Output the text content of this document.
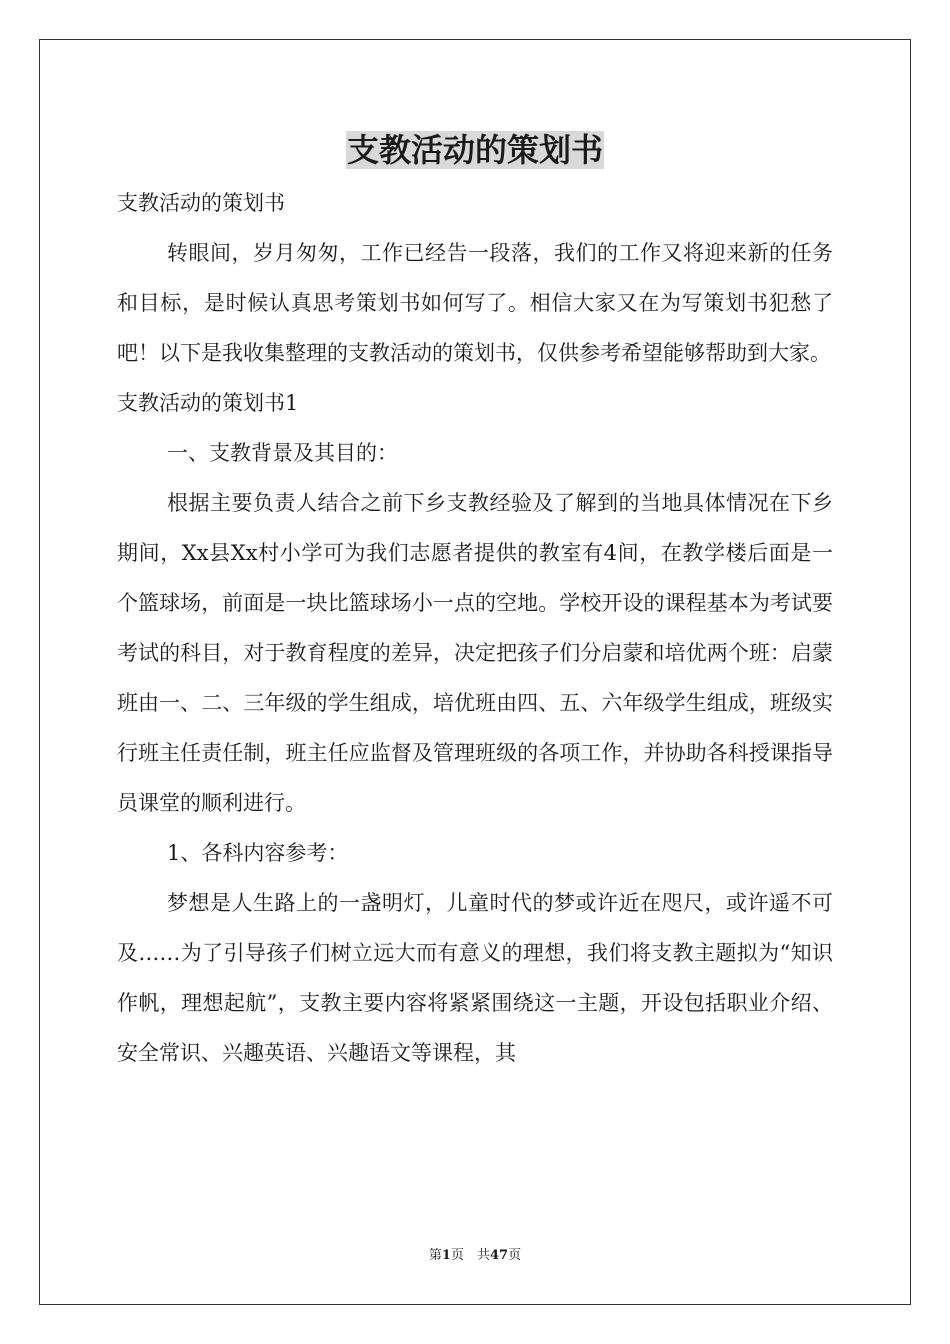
支教活动的策划书

支教活动的策划书

转眼间，岁月匆匆，工作已经告一段落，我们的工作又将迎来新的任务和目标，是时候认真思考策划书如何写了。相信大家又在为写策划书犯愁了吧！以下是我收集整理的支教活动的策划书，仅供参考希望能够帮助到大家。

支教活动的策划书1

一、支教背景及其目的：

根据主要负责人结合之前下乡支教经验及了解到的当地具体情况在下乡期间，Xx县Xx村小学可为我们志愿者提供的教室有4间，在教学楼后面是一个篮球场，前面是一块比篮球场小一点的空地。学校开设的课程基本为考试要考试的科目，对于教育程度的差异，决定把孩子们分启蒙和培优两个班：启蒙班由一、二、三年级的学生组成，培优班由四、五、六年级学生组成，班级实行班主任责任制，班主任应监督及管理班级的各项工作，并协助各科授课指导员课堂的顺利进行。

1、各科内容参考：

梦想是人生路上的一盏明灯，儿童时代的梦或许近在咫尺，或许遥不可及……为了引导孩子们树立远大而有意义的理想，我们将支教主题拟为“知识作帆，理想起航”，支教主要内容将紧紧围绕这一主题，开设包括职业介绍、安全常识、兴趣英语、兴趣语文等课程，其

第1页　共47页
